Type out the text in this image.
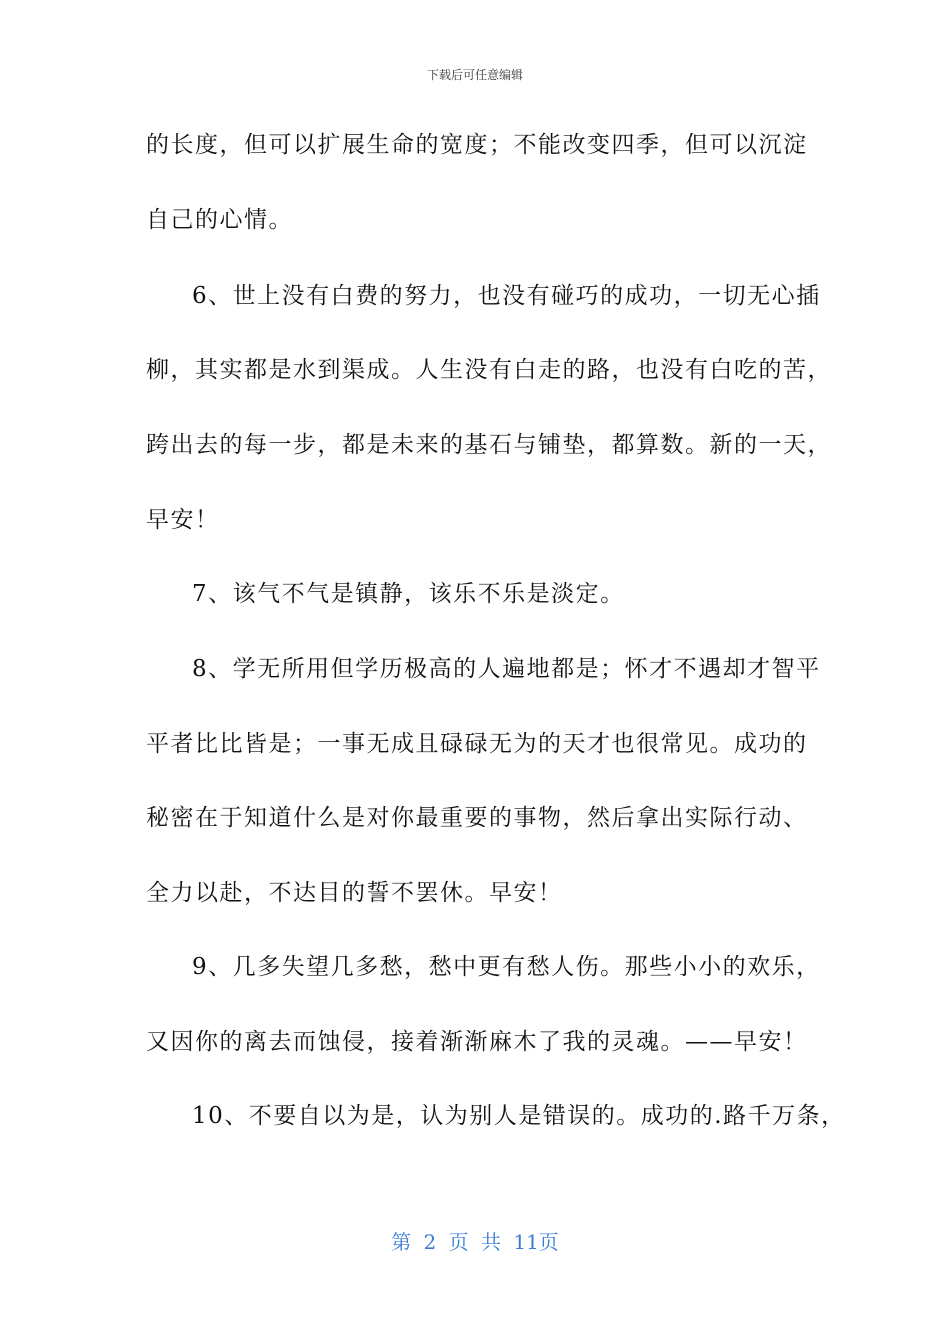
下载后可任意编辑
的长度，但可以扩展生命的宽度；不能改变四季，但可以沉淀
自己的心情。
6、世上没有白费的努力，也没有碰巧的成功，一切无心插
柳，其实都是水到渠成。人生没有白走的路，也没有白吃的苦，
跨出去的每一步，都是未来的基石与铺垫，都算数。新的一天，
早安！
7、该气不气是镇静，该乐不乐是淡定。
8、学无所用但学历极高的人遍地都是；怀才不遇却才智平
平者比比皆是；一事无成且碌碌无为的天才也很常见。成功的
秘密在于知道什么是对你最重要的事物，然后拿出实际行动、
全力以赴，不达目的誓不罢休。早安！
9、几多失望几多愁，愁中更有愁人伤。那些小小的欢乐，
又因你的离去而蚀侵，接着渐渐麻木了我的灵魂。——早安！
10、不要自以为是，认为别人是错误的。成功的.路千万条，
第 2 页 共 11页
